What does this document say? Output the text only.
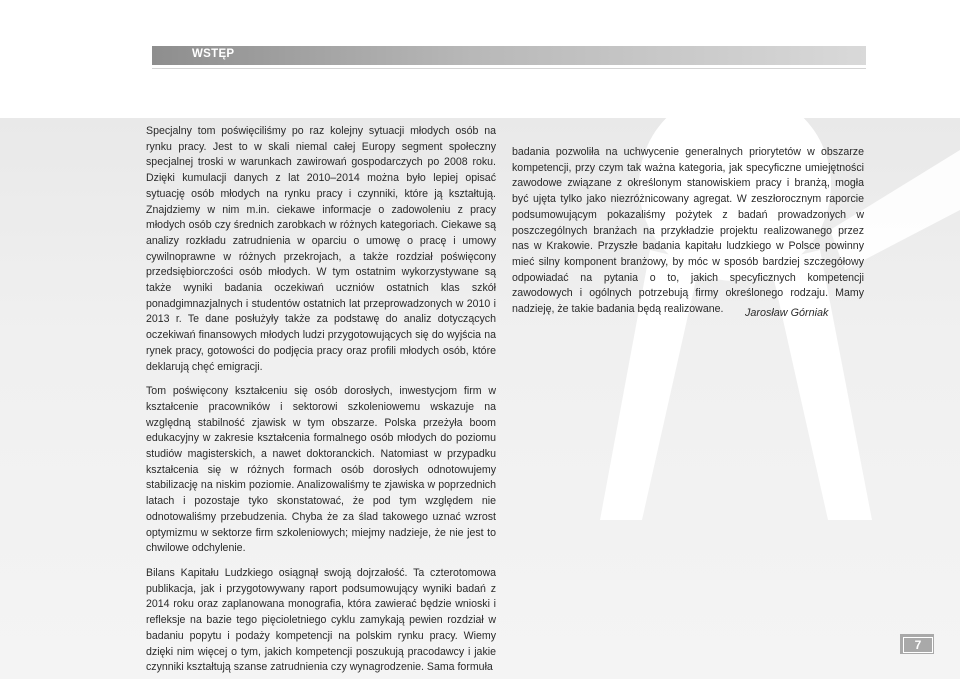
WSTĘP

Specjalny tom poświęciliśmy po raz kolejny sytuacji młodych osób na rynku pracy. Jest to w skali niemal całej Europy segment społeczny specjalnej troski w warunkach zawirowań gospodarczych po 2008 roku. Dzięki kumulacji danych z lat 2010–2014 można było lepiej opisać sytuację osób młodych na rynku pracy i czynniki, które ją kształtują. Znajdziemy w nim m.in. ciekawe informacje o zadowoleniu z pracy młodych osób czy średnich zarobkach w różnych kategoriach. Ciekawe są analizy rozkładu zatrudnienia w oparciu o umowę o pracę i umowy cywilnoprawne w różnych przekrojach, a także rozdział poświęcony przedsiębiorczości osób młodych. W tym ostatnim wykorzystywane są także wyniki badania oczekiwań uczniów ostatnich klas szkół ponadgimnazjalnych i studentów ostatnich lat przeprowadzonych w 2010 i 2013 r. Te dane posłużyły także za podstawę do analiz dotyczących oczekiwań finansowych młodych ludzi przygotowujących się do wyjścia na rynek pracy, gotowości do podjęcia pracy oraz profili młodych osób, które deklarują chęć emigracji.

Tom poświęcony kształceniu się osób dorosłych, inwestycjom firm w kształcenie pracowników i sektorowi szkoleniowemu wskazuje na względną stabilność zjawisk w tym obszarze. Polska przeżyła boom edukacyjny w zakresie kształcenia formalnego osób młodych do poziomu studiów magisterskich, a nawet doktoranckich. Natomiast w przypadku kształcenia się w różnych formach osób dorosłych odnotowujemy stabilizację na niskim poziomie. Analizowaliśmy te zjawiska w poprzednich latach i pozostaje tyko skonstatować, że pod tym względem nie odnotowaliśmy przebudzenia. Chyba że za ślad takowego uznać wzrost optymizmu w sektorze firm szkoleniowych; miejmy nadzieje, że nie jest to chwilowe odchylenie.

Bilans Kapitału Ludzkiego osiągnął swoją dojrzałość. Ta czterotomowa publikacja, jak i przygotowywany raport podsumowujący wyniki badań z 2014 roku oraz zaplanowana monografia, która zawierać będzie wnioski i refleksje na bazie tego pięcioletniego cyklu zamykają pewien rozdział w badaniu popytu i podaży kompetencji na polskim rynku pracy. Wiemy dzięki nim więcej o tym, jakich kompetencji poszukują pracodawcy i jakie czynniki kształtują szanse zatrudnienia czy wynagrodzenie. Sama formuła

badania pozwoliła na uchwycenie generalnych priorytetów w obszarze kompetencji, przy czym tak ważna kategoria, jak specyficzne umiejętności zawodowe związane z określonym stanowiskiem pracy i branżą, mogła być ujęta tylko jako niezróżnicowany agregat. W zeszłorocznym raporcie podsumowującym pokazaliśmy pożytek z badań prowadzonych w poszczególnych branżach na przykładzie projektu realizowanego przez nas w Krakowie. Przyszłe badania kapitału ludzkiego w Polsce powinny mieć silny komponent branżowy, by móc w sposób bardziej szczegółowy odpowiadać na pytania o to, jakich specyficznych kompetencji zawodowych i ogólnych potrzebują firmy określonego rodzaju. Mamy nadzieję, że takie badania będą realizowane.	Jarosław Górniak
7
